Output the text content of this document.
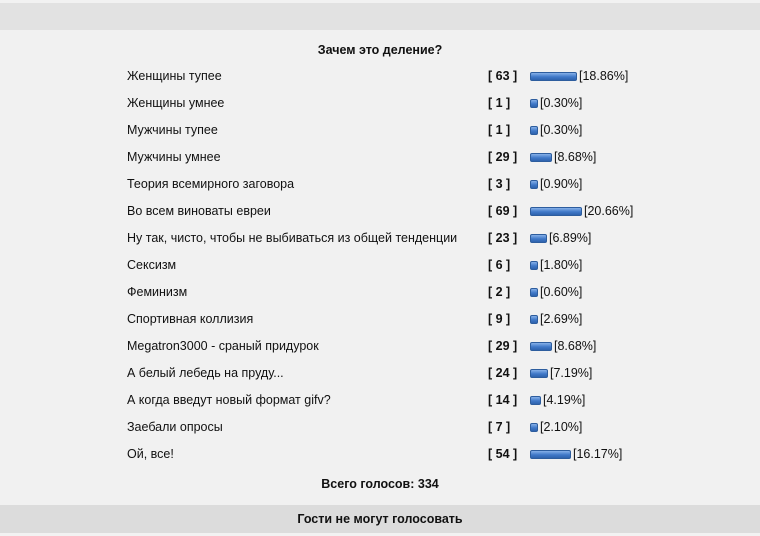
Зачем это деление?
Женщины тупее	[ 63 ]	[18.86%]
Женщины умнее	[ 1 ] [0.30%]
Мужчины тупее	[ 1 ] [0.30%]
Мужчины умнее	[ 29 ]	[8.68%]
Теория всемирного заговора	[ 3 ] [0.90%]
Во всем виноваты евреи	[ 69 ]	[20.66%]
Ну так, чисто, чтобы не выбиваться из общей тенденции [ 23 ]	[6.89%]
Сексизм	[ 6 ] [1.80%]
Феминизм	[ 2 ] [0.60%]
Спортивная коллизия	[ 9 ] [2.69%]
Megatron3000 - сраный придурок	[ 29 ]	[8.68%]
А белый лебедь на пруду...	[ 24 ]	[7.19%]
А когда введут новый формат gifv?	[ 14 ] [4.19%]
Заебали опросы	[ 7 ] [2.10%]
Ой, все!	[ 54 ]	[16.17%]
Всего голосов: 334
Гости не могут голосовать
